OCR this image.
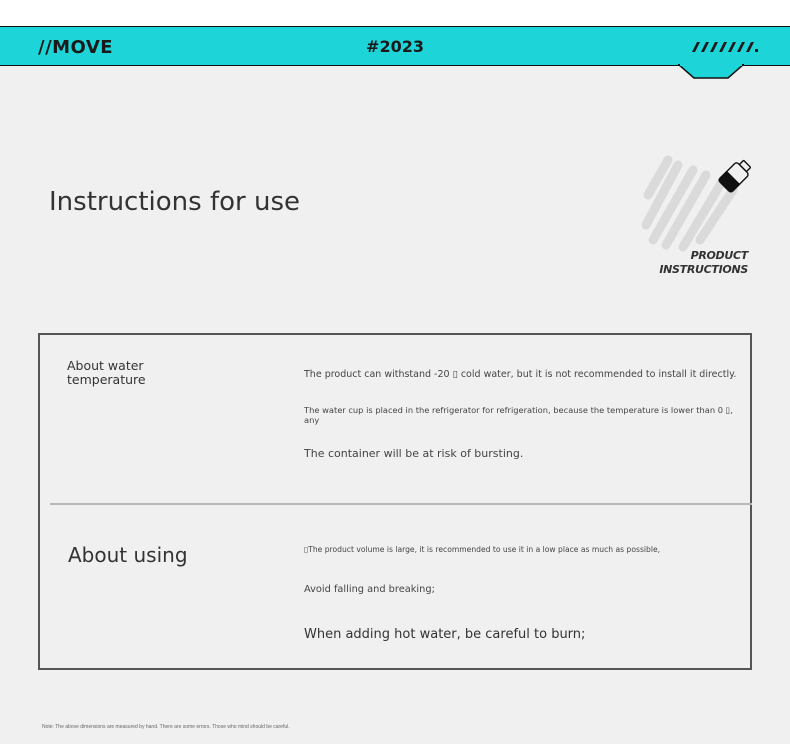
//MOVE	#2023
Instructions for use
PRODUCT
INSTRUCTIONS
About water temperature	The product can withstand -20 ▯ cold water, but it is not recommended to install it directly.
The water cup is placed in the refrigerator for refrigeration, because the temperature is lower than 0 ▯, any
The container will be at risk of bursting.
About using	▯The product volume is large, it is recommended to use it in a low place as much as possible,
Avoid falling and breaking;
When adding hot water, be careful to burn;
Note: The above dimensions are measured by hand. There are some errors. Those who mind should be careful.
